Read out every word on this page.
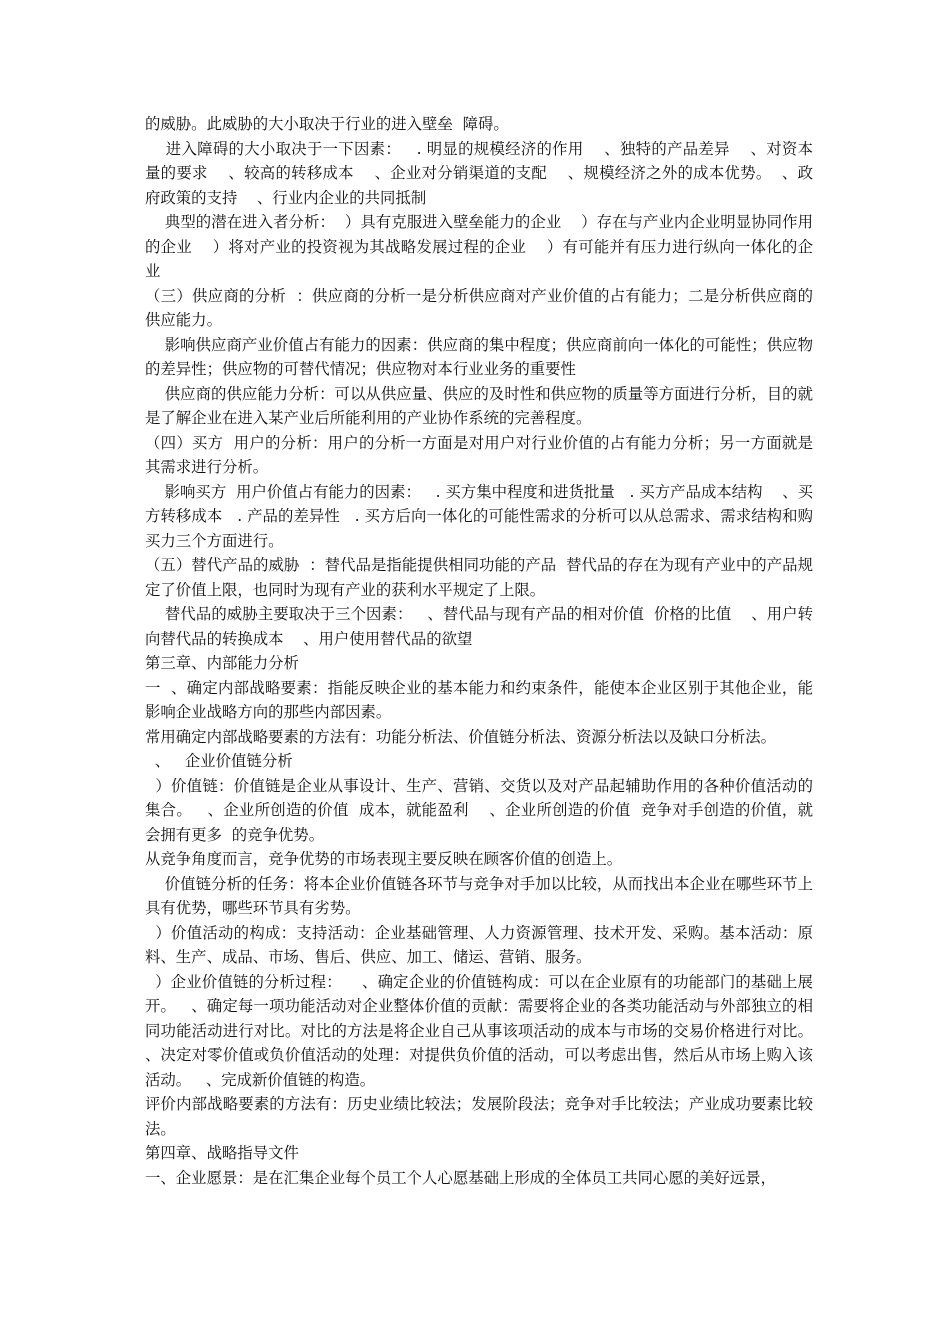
的威胁。此威胁的大小取决于行业的进入壁垒  障碍。

进入障碍的大小取决于一下因素：   . 明显的规模经济的作用    、独特的产品差异    、对资本量的要求    、较高的转移成本    、企业对分销渠道的支配    、规模经济之外的成本优势。  、政府政策的支持    、行业内企业的共同抵制

典型的潜在进入者分析：  ）具有克服进入壁垒能力的企业    ）存在与产业内企业明显协同作用的企业    ）将对产业的投资视为其战略发展过程的企业    ）有可能并有压力进行纵向一体化的企业

（三）供应商的分析  ：供应商的分析一是分析供应商对产业价值的占有能力；二是分析供应商的供应能力。

影响供应商产业价值占有能力的因素：供应商的集中程度；供应商前向一体化的可能性；供应物的差异性；供应物的可替代情况；供应物对本行业业务的重要性

供应商的供应能力分析：可以从供应量、供应的及时性和供应物的质量等方面进行分析，目的就是了解企业在进入某产业后所能利用的产业协作系统的完善程度。

（四）买方  用户的分析：用户的分析一方面是对用户对行业价值的占有能力分析；另一方面就是其需求进行分析。

影响买方  用户价值占有能力的因素：   . 买方集中程度和进货批量   . 买方产品成本结构    、买方转移成本   . 产品的差异性   . 买方后向一体化的可能性需求的分析可以从总需求、需求结构和购买力三个方面进行。

（五）替代产品的威胁  ：替代品是指能提供相同功能的产品  替代品的存在为现有产业中的产品规定了价值上限，也同时为现有产业的获利水平规定了上限。

替代品的威胁主要取决于三个因素：   、替代品与现有产品的相对价值  价格的比值    、用户转向替代品的转换成本    、用户使用替代品的欲望

第三章、内部能力分析

一  、确定内部战略要素：指能反映企业的基本能力和约束条件，能使本企业区别于其他企业，能影响企业战略方向的那些内部因素。

常用确定内部战略要素的方法有：功能分析法、价值链分析法、资源分析法以及缺口分析法。

、   企业价值链分析

）价值链：价值链是企业从事设计、生产、营销、交货以及对产品起辅助作用的各种价值活动的集合。   、企业所创造的价值  成本，就能盈利    、企业所创造的价值  竞争对手创造的价值，就会拥有更多  的竞争优势。

从竞争角度而言，竞争优势的市场表现主要反映在顾客价值的创造上。

价值链分析的任务：将本企业价值链各环节与竞争对手加以比较，从而找出本企业在哪些环节上具有优势，哪些环节具有劣势。

）价值活动的构成：支持活动：企业基础管理、人力资源管理、技术开发、采购。基本活动：原料、生产、成品、市场、售后、供应、加工、储运、营销、服务。

）企业价值链的分析过程：    、确定企业的价值链构成：可以在企业原有的功能部门的基础上展开。   、确定每一项功能活动对企业整体价值的贡献：需要将企业的各类功能活动与外部独立的相同功能活动进行对比。对比的方法是将企业自己从事该项活动的成本与市场的交易价格进行对比。   、决定对零价值或负价值活动的处理：对提供负价值的活动，可以考虑出售，然后从市场上购入该活动。   、完成新价值链的构造。

评价内部战略要素的方法有：历史业绩比较法；发展阶段法；竞争对手比较法；产业成功要素比较法。

第四章、战略指导文件

一、企业愿景：是在汇集企业每个员工个人心愿基础上形成的全体员工共同心愿的美好远景，
